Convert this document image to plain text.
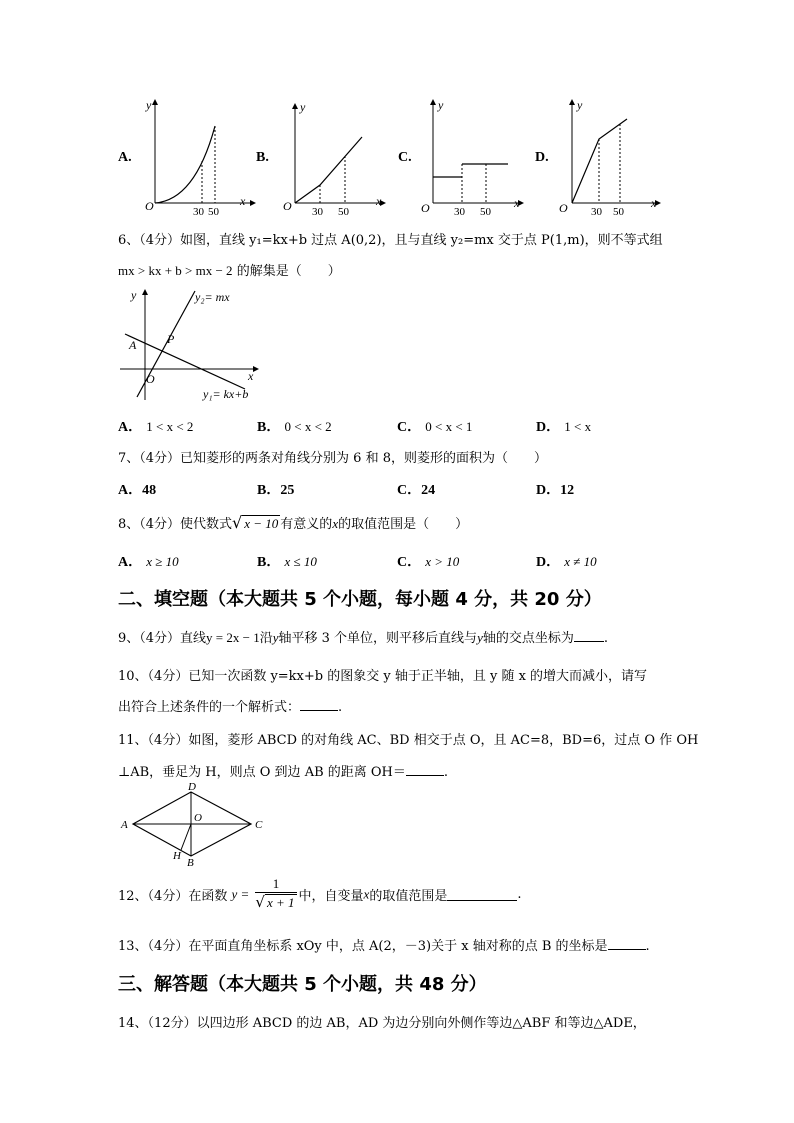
A.
y
x
O	30 50
B.
y
x
O 30 50
C.
y
x
O 30 50
D.
y
x
O 30 50
6、（4分）如图，直线 y₁=kx+b 过点 A(0,2)，且与直线 y₂=mx 交于点 P(1,m)，则不等式组
mx > kx + b > mx − 2 的解集是（　　）
y
x
O
A	P
y₂= mx
y₁= kx+b
A． 1 < x < 2	B． 0 < x < 2	C． 0 < x < 1	D． 1 < x
7、（4分）已知菱形的两条对角线分别为 6 和 8，则菱形的面积为（　　）
A．48	B．25	C．24	D．12
8、（4分）使代数式√ x − 10 有意义的x的取值范围是（　　）
A． x ≥ 10	B． x ≤ 10	C． x > 10	D． x ≠ 10
二、填空题（本大题共 5 个小题，每小题 4 分，共 20 分）
9、（4分）直线y = 2x − 1沿y轴平移 3 个单位，则平移后直线与y轴的交点坐标为 .
10、（4分）已知一次函数 y=kx+b 的图象交 y 轴于正半轴，且 y 随 x 的增大而减小，请写
出符合上述条件的一个解析式：	.
11、（4分）如图，菱形 ABCD 的对角线 AC、BD 相交于点 O，且 AC=8，BD=6，过点 O 作 OH
⊥AB，垂足为 H，则点 O 到边 AB 的距离 OH＝	.
A
B
C
D
O
H
12、（4分）在函数 $y = \frac{1}{√ x + 1}$ 中，自变量x的取值范围是	.
13、（4分）在平面直角坐标系 xOy 中，点 A(2，－3)关于 x 轴对称的点 B 的坐标是	.
三、解答题（本大题共 5 个小题，共 48 分）
14、（12分）以四边形 ABCD 的边 AB，AD 为边分别向外侧作等边△ABF 和等边△ADE，
